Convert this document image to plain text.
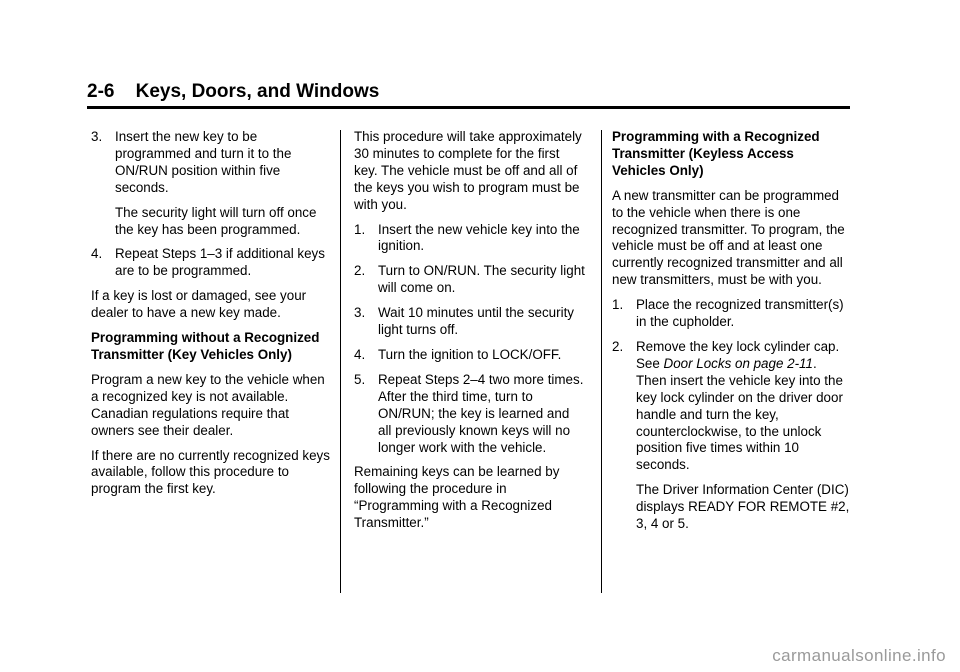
2-6 Keys, Doors, and Windows
3. Insert the new key to be programmed and turn it to the ON/RUN position within five seconds.

The security light will turn off once the key has been programmed.

4. Repeat Steps 1–3 if additional keys are to be programmed.

If a key is lost or damaged, see your dealer to have a new key made.

Programming without a Recognized Transmitter (Key Vehicles Only)

Program a new key to the vehicle when a recognized key is not available. Canadian regulations require that owners see their dealer.

If there are no currently recognized keys available, follow this procedure to program the first key.

This procedure will take approximately 30 minutes to complete for the first key. The vehicle must be off and all of the keys you wish to program must be with you.

1. Insert the new vehicle key into the ignition.
2. Turn to ON/RUN. The security light will come on.
3. Wait 10 minutes until the security light turns off.
4. Turn the ignition to LOCK/OFF.
5. Repeat Steps 2–4 two more times. After the third time, turn to ON/RUN; the key is learned and all previously known keys will no longer work with the vehicle.

Remaining keys can be learned by following the procedure in “Programming with a Recognized Transmitter.”

Programming with a Recognized Transmitter (Keyless Access Vehicles Only)

A new transmitter can be programmed to the vehicle when there is one recognized transmitter. To program, the vehicle must be off and at least one currently recognized transmitter and all new transmitters, must be with you.

1. Place the recognized transmitter(s) in the cupholder.
2. Remove the key lock cylinder cap. See Door Locks on page 2-11. Then insert the vehicle key into the key lock cylinder on the driver door handle and turn the key, counterclockwise, to the unlock position five times within 10 seconds.

The Driver Information Center (DIC) displays READY FOR REMOTE #2, 3, 4 or 5.

carmanualsonline.info
